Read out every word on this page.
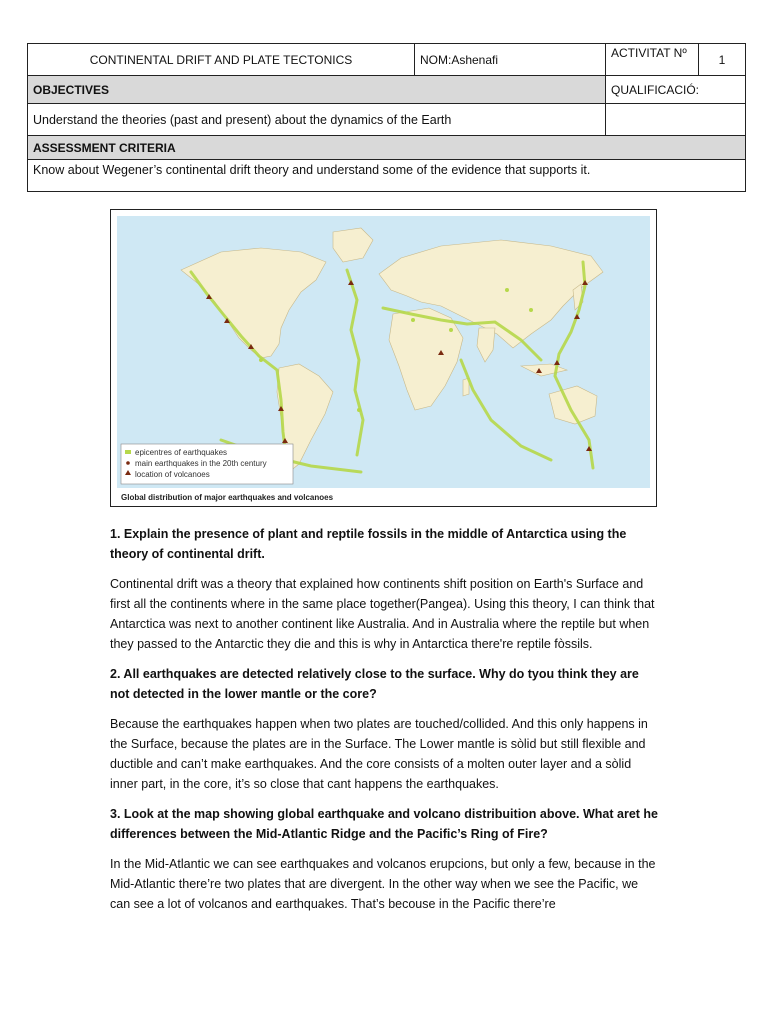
CONTINENTAL DRIFT AND PLATE TECTONICS	NOM:Ashenafi	ACTIVITAT Nº	1
OBJECTIVES		QUALIFICACIÓ:	
Understand the theories (past and present) about the dynamics of the Earth			
ASSESSMENT CRITERIA			
Know about Wegener’s continental drift theory and understand some of the evidence that supports it.			
epicentres of earthquakes
main earthquakes in the 20th century
location of volcanoes
Global distribution of major earthquakes and volcanoes

1. Explain the presence of plant and reptile fossils in the middle of Antarctica using the theory of continental drift.

Continental drift was a theory that explained how continents shift position on Earth's Surface and first all the continents where in the same place together(Pangea). Using this theory, I can think that Antarctica was next to another continent like Australia. And in Australia where the reptile but when they passed to the Antarctic they die and this is why in Antarctica there're reptile fòssils.

2. All earthquakes are detected relatively close to the surface. Why do tyou think they are not detected in the lower mantle or the core?

Because the earthquakes happen when two plates are touched/collided. And this only happens in the Surface, because the plates are in the Surface. The Lower mantle is sòlid but still flexible and ductible and can’t make earthquakes. And the core consists of a molten outer layer and a sòlid inner part, in the core, it’s so close that cant happens the earthquakes.

3. Look at the map showing global earthquake and volcano distribuition above. What aret he differences between the Mid-Atlantic Ridge and the Pacific’s Ring of Fire?

In the Mid-Atlantic we can see earthquakes and volcanos erupcions, but only a few, because in the Mid-Atlantic there’re two plates that are divergent. In the other way when we see the Pacific, we can see a lot of volcanos and earthquakes. That’s becouse in the Pacific there’re
